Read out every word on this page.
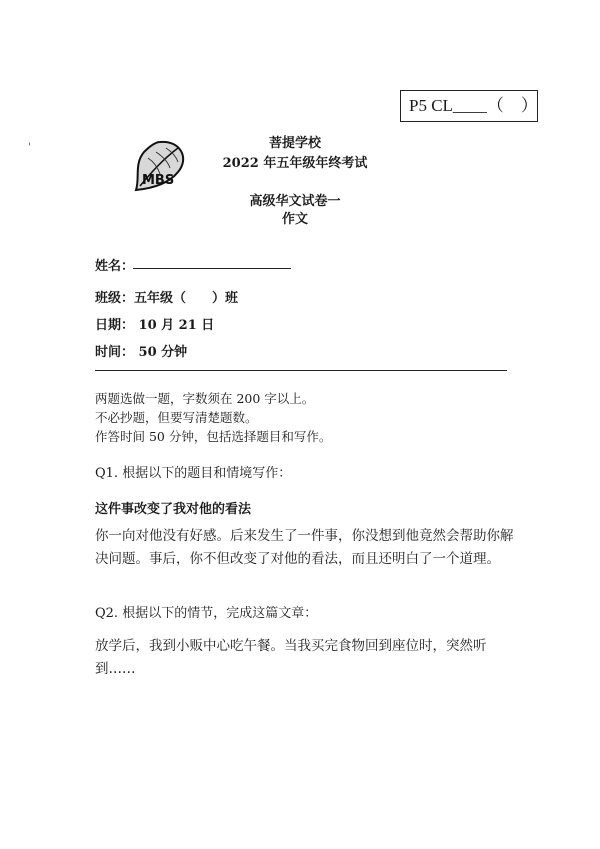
P5 CL____（　）
'
MBS
菩提学校
2022 年五年级年终考试
高级华文试卷一
作文
姓名：
班级：五年级（　　）班
日期： 10 月 21 日
时间： 50 分钟
两题选做一题，字数须在 200 字以上。
不必抄题，但要写清楚题数。
作答时间 50 分钟，包括选择题目和写作。
Q1. 根据以下的题目和情境写作：
这件事改变了我对他的看法
你一向对他没有好感。后来发生了一件事，你没想到他竟然会帮助你解决问题。事后，你不但改变了对他的看法，而且还明白了一个道理。
Q2. 根据以下的情节，完成这篇文章：
放学后，我到小贩中心吃午餐。当我买完食物回到座位时，突然听到……
